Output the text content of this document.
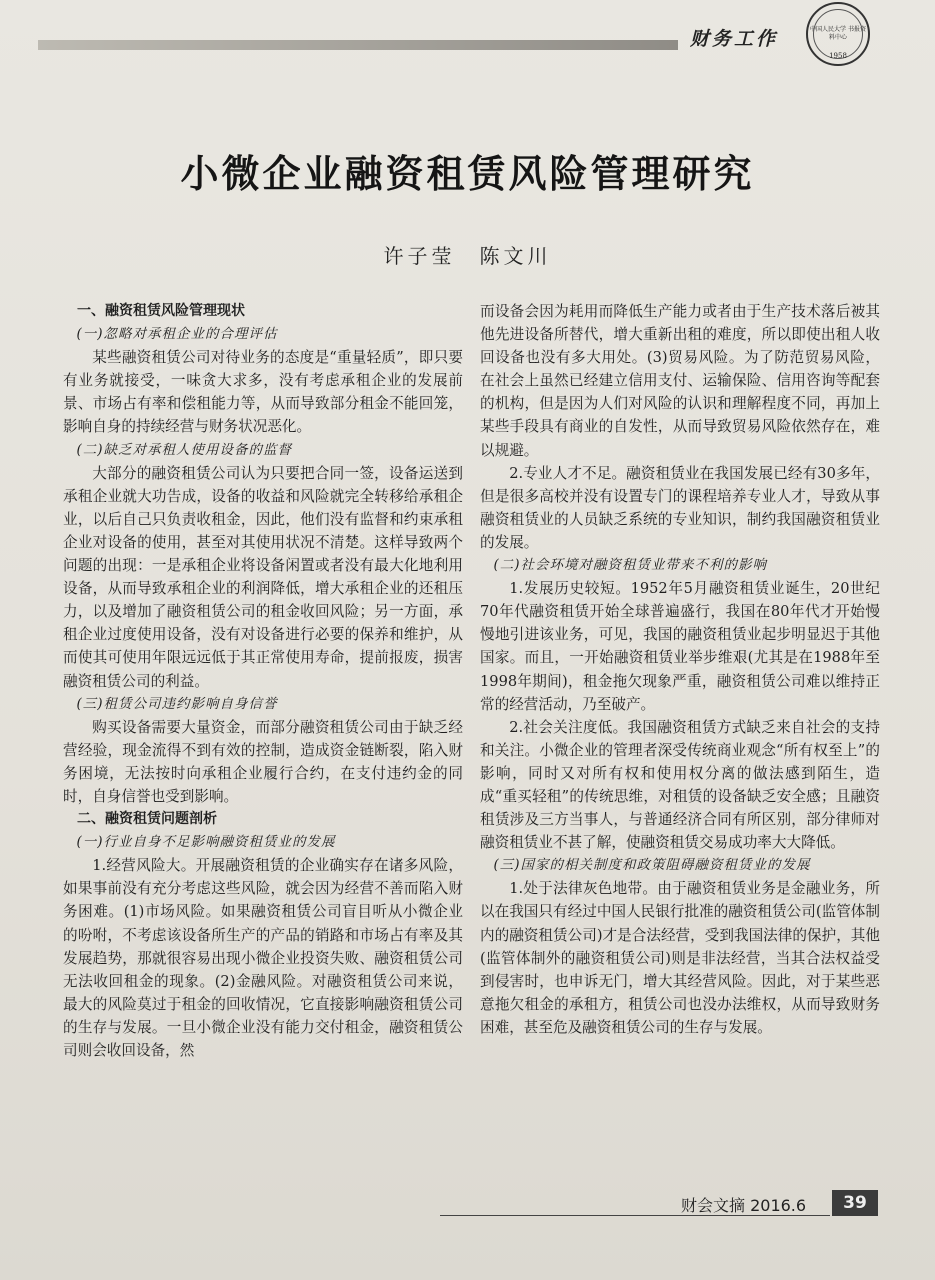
财务工作	中国人民大学 书报资料中心
1958
小微企业融资租赁风险管理研究
许子莹　陈文川

一、融资租赁风险管理现状

(一)忽略对承租企业的合理评估

某些融资租赁公司对待业务的态度是“重量轻质”，即只要有业务就接受，一味贪大求多，没有考虑承租企业的发展前景、市场占有率和偿租能力等，从而导致部分租金不能回笼，影响自身的持续经营与财务状况恶化。

(二)缺乏对承租人使用设备的监督

大部分的融资租赁公司认为只要把合同一签，设备运送到承租企业就大功告成，设备的收益和风险就完全转移给承租企业，以后自己只负责收租金，因此，他们没有监督和约束承租企业对设备的使用，甚至对其使用状况不清楚。这样导致两个问题的出现：一是承租企业将设备闲置或者没有最大化地利用设备，从而导致承租企业的利润降低，增大承租企业的还租压力，以及增加了融资租赁公司的租金收回风险；另一方面，承租企业过度使用设备，没有对设备进行必要的保养和维护，从而使其可使用年限远远低于其正常使用寿命，提前报废，损害融资租赁公司的利益。

(三)租赁公司违约影响自身信誉

购买设备需要大量资金，而部分融资租赁公司由于缺乏经营经验，现金流得不到有效的控制，造成资金链断裂，陷入财务困境，无法按时向承租企业履行合约，在支付违约金的同时，自身信誉也受到影响。

二、融资租赁问题剖析

(一)行业自身不足影响融资租赁业的发展

1.经营风险大。开展融资租赁的企业确实存在诸多风险，如果事前没有充分考虑这些风险，就会因为经营不善而陷入财务困难。(1)市场风险。如果融资租赁公司盲目听从小微企业的吩咐，不考虑该设备所生产的产品的销路和市场占有率及其发展趋势，那就很容易出现小微企业投资失败、融资租赁公司无法收回租金的现象。(2)金融风险。对融资租赁公司来说，最大的风险莫过于租金的回收情况，它直接影响融资租赁公司的生存与发展。一旦小微企业没有能力交付租金，融资租赁公司则会收回设备，然

而设备会因为耗用而降低生产能力或者由于生产技术落后被其他先进设备所替代，增大重新出租的难度，所以即使出租人收回设备也没有多大用处。(3)贸易风险。为了防范贸易风险，在社会上虽然已经建立信用支付、运输保险、信用咨询等配套的机构，但是因为人们对风险的认识和理解程度不同，再加上某些手段具有商业的自发性，从而导致贸易风险依然存在，难以规避。

2.专业人才不足。融资租赁业在我国发展已经有30多年，但是很多高校并没有设置专门的课程培养专业人才，导致从事融资租赁业的人员缺乏系统的专业知识，制约我国融资租赁业的发展。

(二)社会环境对融资租赁业带来不利的影响

1.发展历史较短。1952年5月融资租赁业诞生，20世纪70年代融资租赁开始全球普遍盛行，我国在80年代才开始慢慢地引进该业务，可见，我国的融资租赁业起步明显迟于其他国家。而且，一开始融资租赁业举步维艰(尤其是在1988年至1998年期间)，租金拖欠现象严重，融资租赁公司难以维持正常的经营活动，乃至破产。

2.社会关注度低。我国融资租赁方式缺乏来自社会的支持和关注。小微企业的管理者深受传统商业观念“所有权至上”的影响，同时又对所有权和使用权分离的做法感到陌生，造成“重买轻租”的传统思维，对租赁的设备缺乏安全感；且融资租赁涉及三方当事人，与普通经济合同有所区别，部分律师对融资租赁业不甚了解，使融资租赁交易成功率大大降低。

(三)国家的相关制度和政策阻碍融资租赁业的发展

1.处于法律灰色地带。由于融资租赁业务是金融业务，所以在我国只有经过中国人民银行批准的融资租赁公司(监管体制内的融资租赁公司)才是合法经营，受到我国法律的保护，其他(监管体制外的融资租赁公司)则是非法经营，当其合法权益受到侵害时，也申诉无门，增大其经营风险。因此，对于某些恶意拖欠租金的承租方，租赁公司也没办法维权，从而导致财务困难，甚至危及融资租赁公司的生存与发展。

财会文摘 2016.6	39
